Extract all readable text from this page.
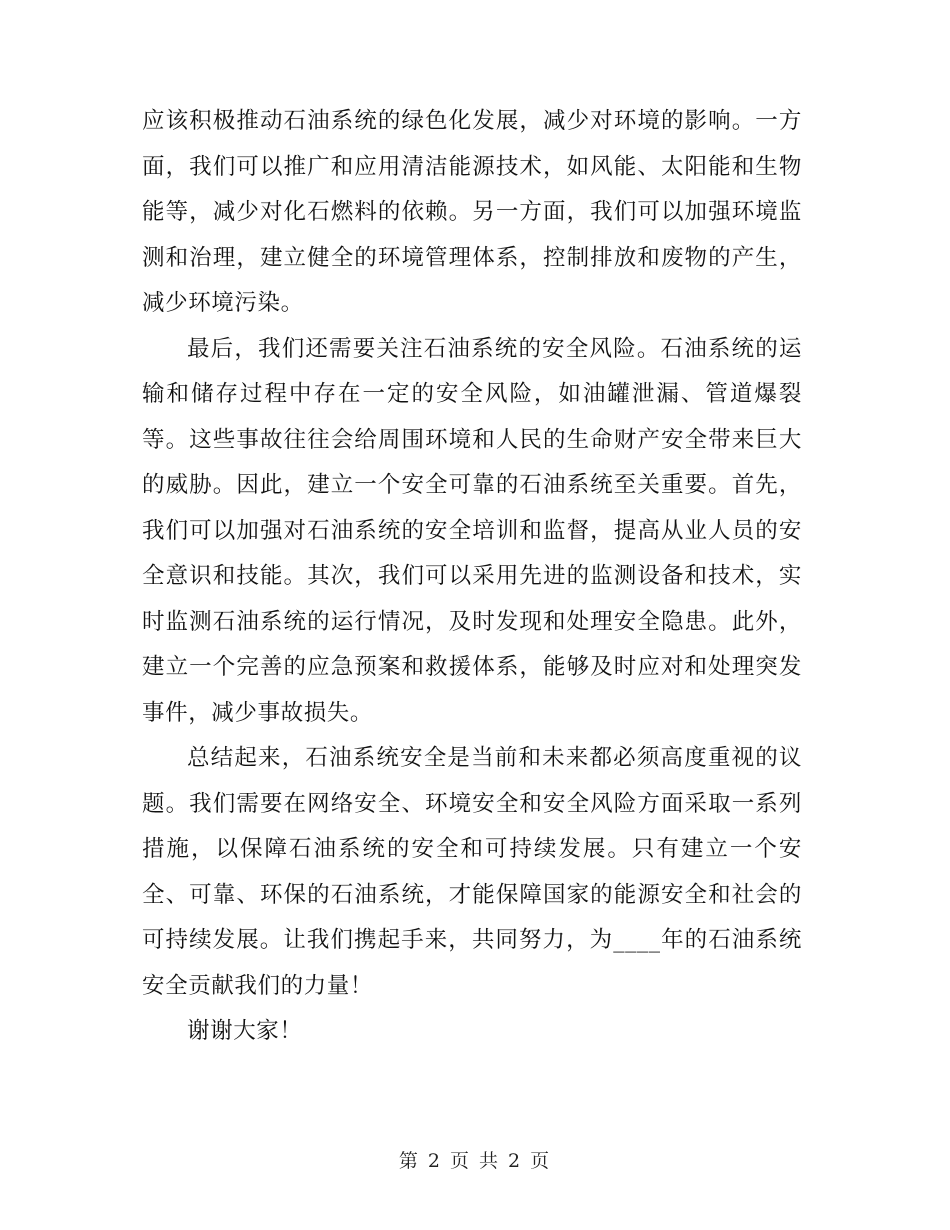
应该积极推动石油系统的绿色化发展，减少对环境的影响。一方面，我们可以推广和应用清洁能源技术，如风能、太阳能和生物能等，减少对化石燃料的依赖。另一方面，我们可以加强环境监测和治理，建立健全的环境管理体系，控制排放和废物的产生，减少环境污染。

最后，我们还需要关注石油系统的安全风险。石油系统的运输和储存过程中存在一定的安全风险，如油罐泄漏、管道爆裂等。这些事故往往会给周围环境和人民的生命财产安全带来巨大的威胁。因此，建立一个安全可靠的石油系统至关重要。首先，我们可以加强对石油系统的安全培训和监督，提高从业人员的安全意识和技能。其次，我们可以采用先进的监测设备和技术，实时监测石油系统的运行情况，及时发现和处理安全隐患。此外，建立一个完善的应急预案和救援体系，能够及时应对和处理突发事件，减少事故损失。

总结起来，石油系统安全是当前和未来都必须高度重视的议题。我们需要在网络安全、环境安全和安全风险方面采取一系列措施，以保障石油系统的安全和可持续发展。只有建立一个安全、可靠、环保的石油系统，才能保障国家的能源安全和社会的可持续发展。让我们携起手来，共同努力，为____年的石油系统安全贡献我们的力量！

谢谢大家！

第 2 页 共 2 页
